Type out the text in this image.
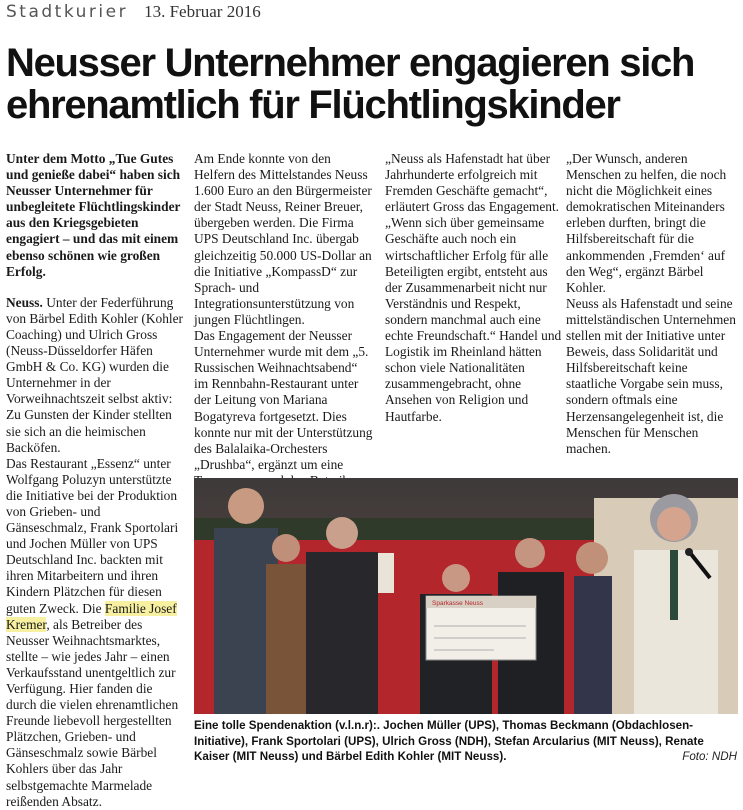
Stadtkurier 13. Februar 2016
Neusser Unternehmer engagieren sich
ehrenamtlich für Flüchtlingskinder

Unter dem Motto „Tue Gutes und genieße dabei“ haben sich Neusser Unternehmer für unbegleitete Flüchtlingskinder aus den Kriegsgebieten engagiert – und das mit einem ebenso schönen wie großen Erfolg.

Neuss. Unter der Federführung von Bärbel Edith Kohler (Kohler Coaching) und Ulrich Gross (Neuss-Düsseldorfer Häfen GmbH & Co. KG) wurden die Unternehmer in der Vorweihnachtszeit selbst aktiv: Zu Gunsten der Kinder stellten sie sich an die heimischen Backöfen.

Das Restaurant „Essenz“ unter Wolfgang Poluzyn unterstützte die Initiative bei der Produktion von Grieben- und Gänseschmalz, Frank Sportolari und Jochen Müller von UPS Deutschland Inc. backten mit ihren Mitarbeitern und ihren Kindern Plätzchen für diesen guten Zweck. Die Familie Josef Kremer, als Betreiber des Neusser Weihnachtsmarktes, stellte – wie jedes Jahr – einen Verkaufsstand unentgeltlich zur Verfügung. Hier fanden die durch die vielen ehrenamtlichen Freunde liebevoll hergestellten Plätzchen, Grieben- und Gänseschmalz sowie Bärbel Kohlers über das Jahr selbstgemachte Marmelade reißenden Absatz.

Am Ende konnte von den Helfern des Mittelstandes Neuss 1.600 Euro an den Bürgermeister der Stadt Neuss, Reiner Breuer, übergeben werden. Die Firma UPS Deutschland Inc. übergab gleichzeitig 50.000 US-Dollar an die Initiative „KompassD“ zur Sprach- und Integrationsunterstützung von jungen Flüchtlingen.

Das Engagement der Neusser Unternehmer wurde mit dem „5. Russischen Weihnachtsabend“ im Rennbahn-Restaurant unter der Leitung von Mariana Bogatyreva fortgesetzt. Dies konnte nur mit der Unterstützung des Balalaika-Orchesters „Drushba“, ergänzt um eine

„Neuss als Hafenstadt hat über Jahrhunderte erfolgreich mit Fremden Geschäfte gemacht“, erläutert Gross das Engagement. „Wenn sich über gemeinsame Geschäfte auch noch ein wirtschaftlicher Erfolg für alle Beteiligten ergibt, entsteht aus der Zusammenarbeit nicht nur Verständnis und Respekt, sondern manchmal auch eine echte Freundschaft.“ Handel und Logistik im Rheinland hätten schon viele Nationalitäten zusammengebracht, ohne Ansehen von Religion und Hautfarbe.

„Der Wunsch, anderen Menschen zu helfen, die noch nicht die Möglichkeit eines demokratischen Miteinanders erleben durften, bringt die Hilfsbereitschaft für die ankommenden ‚Fremden‘ auf den Weg“, ergänzt Bärbel Kohler.

Neuss als Hafenstadt und seine mittelständischen Unternehmen stellen mit der Initiative unter Beweis, dass Solidarität und Hilfsbereitschaft keine staatliche Vorgabe sein muss, sondern oftmals eine Herzensangelegenheit ist, die Menschen für Menschen machen.

Sparkasse Neuss
Eine tolle Spendenaktion (v.l.n.r):. Jochen Müller (UPS), Thomas Beckmann (Obdachlosen-Initiative), Frank Sportolari (UPS), Ulrich Gross (NDH), Stefan Arcularius (MIT Neuss), Renate Kaiser (MIT Neuss) und Bärbel Edith Kohler (MIT Neuss).	Foto: NDH
